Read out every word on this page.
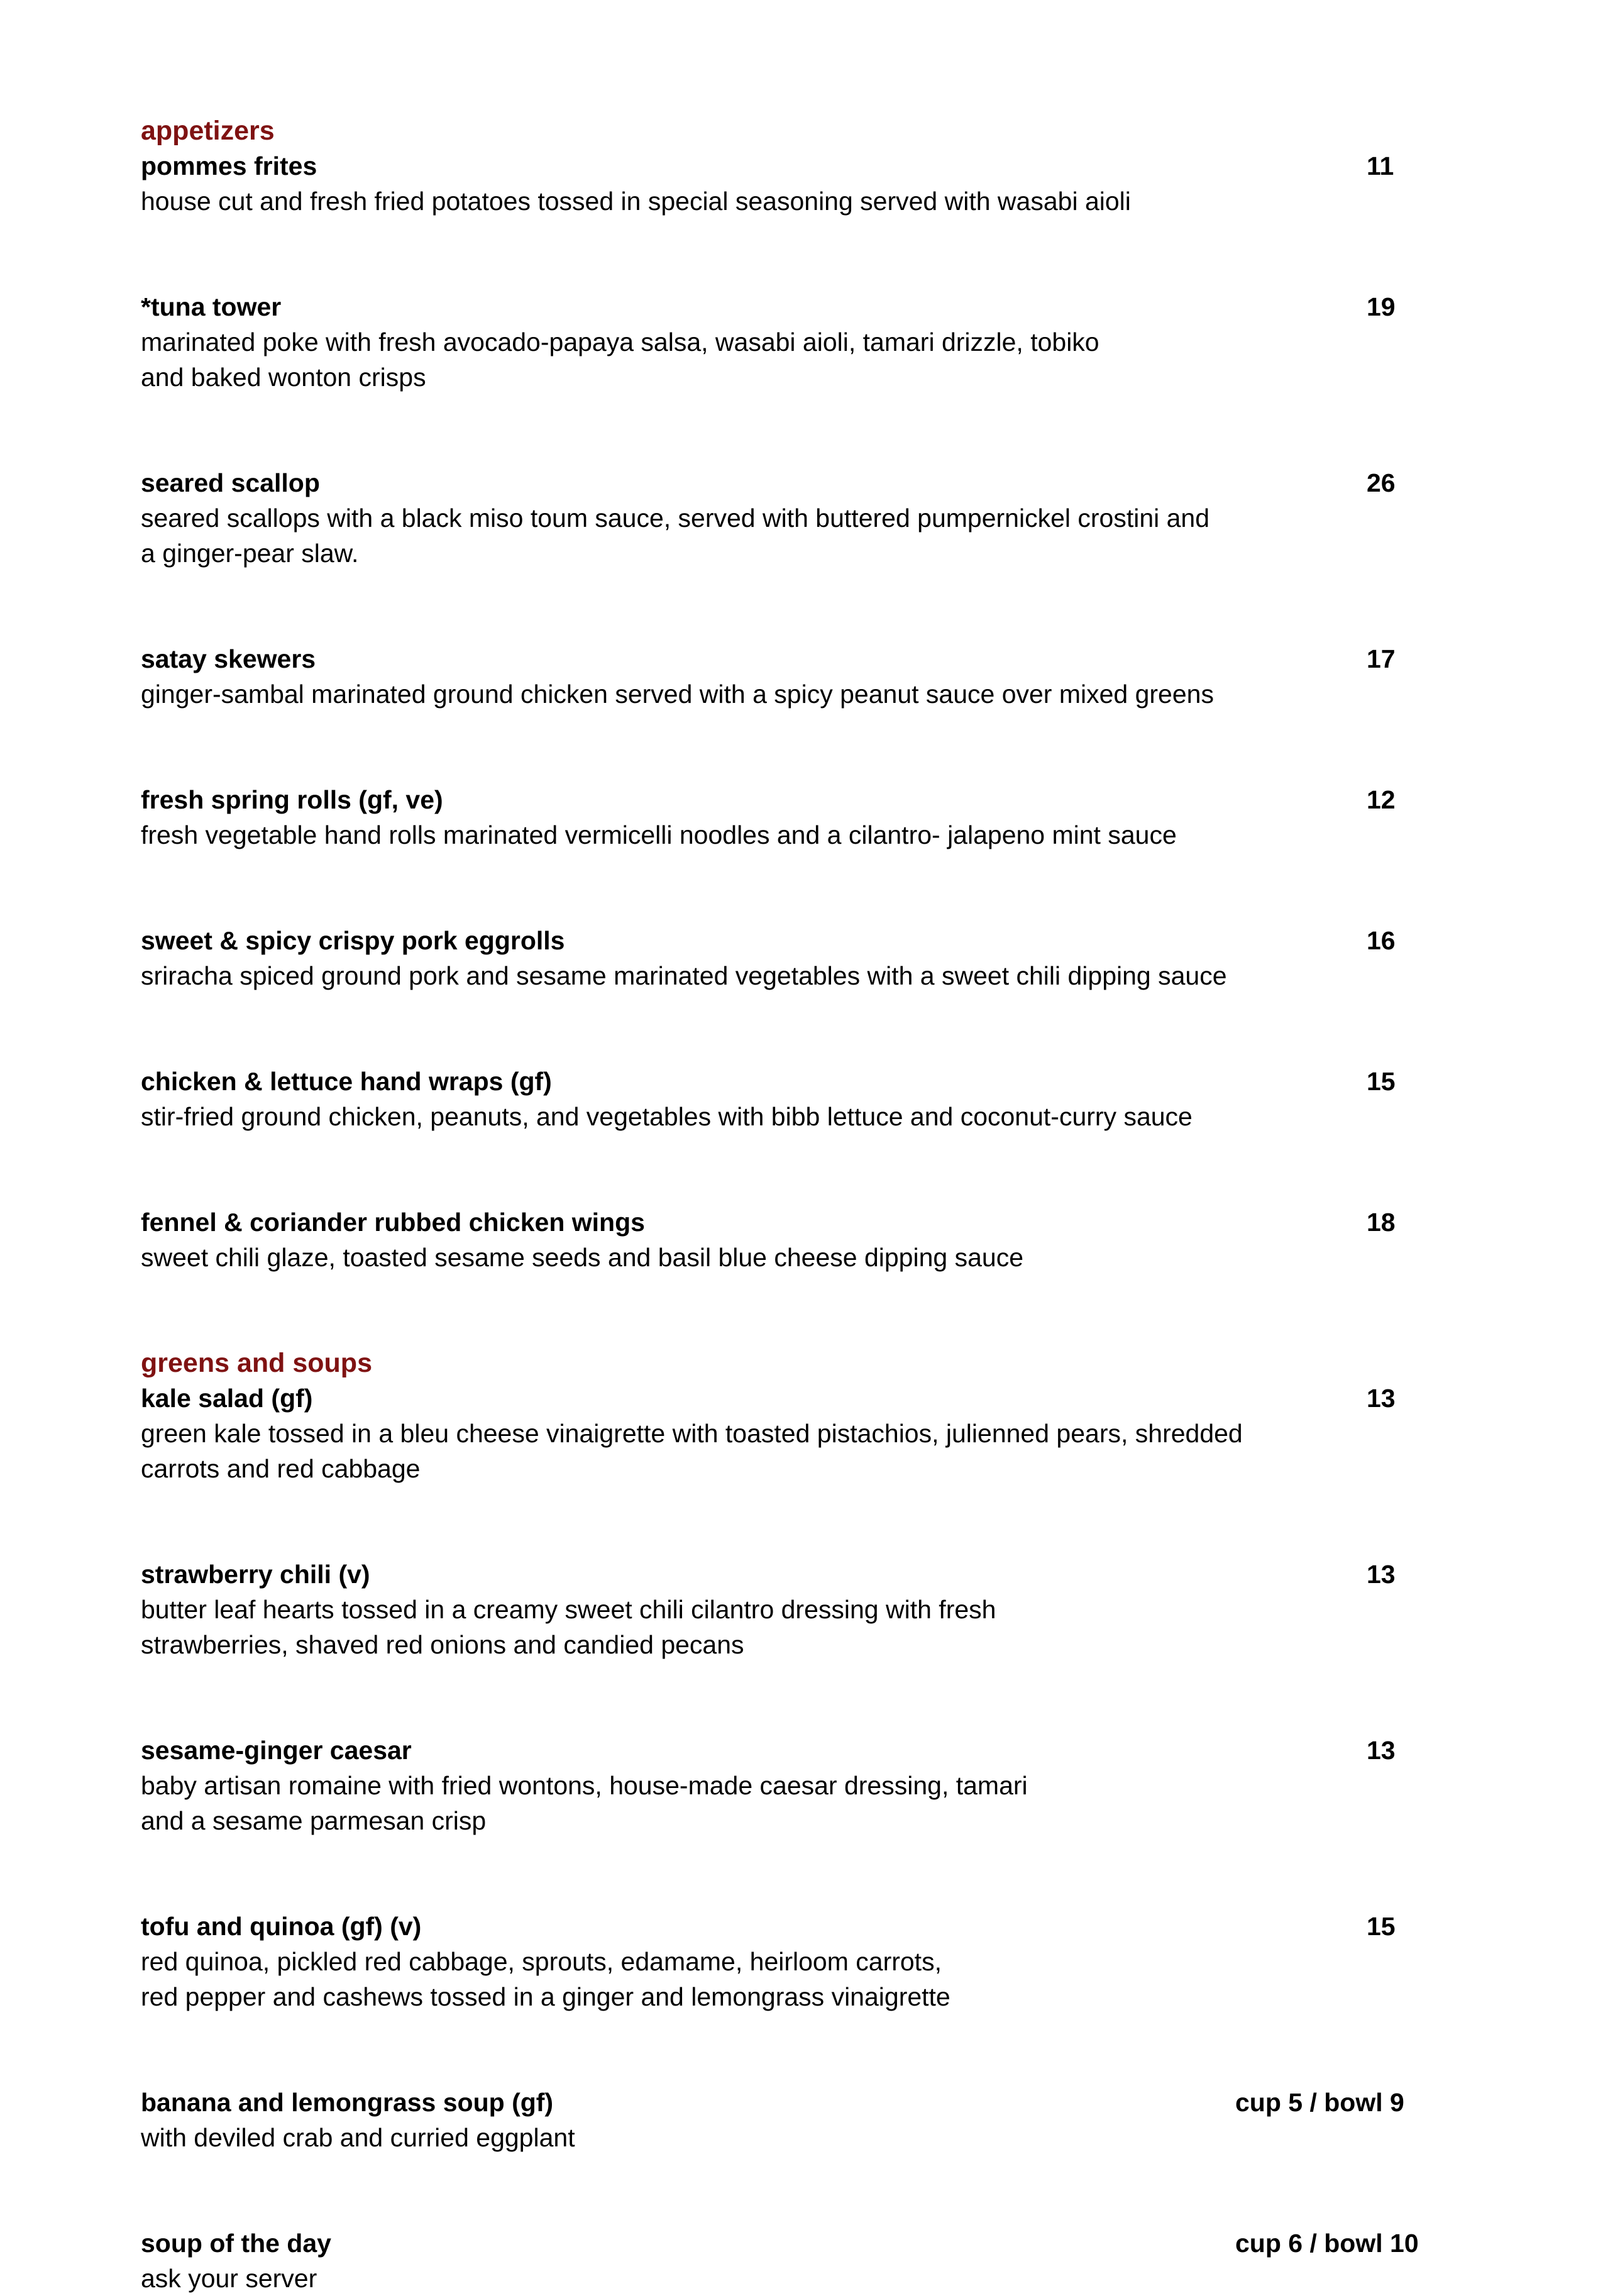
appetizers
pommes frites	11
house cut and fresh fried potatoes tossed in special seasoning served with wasabi aioli
*tuna tower	19
marinated poke with fresh avocado-papaya salsa, wasabi aioli, tamari drizzle, tobiko
and baked wonton crisps
seared scallop	26
seared scallops with a black miso toum sauce, served with buttered pumpernickel crostini and
a ginger-pear slaw.
satay skewers	17
ginger-sambal marinated ground chicken served with a spicy peanut sauce over mixed greens
fresh spring rolls (gf, ve)	12
fresh vegetable hand rolls marinated vermicelli noodles and a cilantro- jalapeno mint sauce
sweet & spicy crispy pork eggrolls	16
sriracha spiced ground pork and sesame marinated vegetables with a sweet chili dipping sauce
chicken & lettuce hand wraps (gf)	15
stir-fried ground chicken, peanuts, and vegetables with bibb lettuce and coconut-curry sauce
fennel & coriander rubbed chicken wings	18
sweet chili glaze, toasted sesame seeds and basil blue cheese dipping sauce
greens and soups
kale salad (gf)	13
green kale tossed in a bleu cheese vinaigrette with toasted pistachios, julienned pears, shredded
carrots and red cabbage
strawberry chili (v)	13
butter leaf hearts tossed in a creamy sweet chili cilantro dressing with fresh
strawberries, shaved red onions and candied pecans
sesame-ginger caesar	13
baby artisan romaine with fried wontons, house-made caesar dressing, tamari
and a sesame parmesan crisp
tofu and quinoa (gf) (v)	15
red quinoa, pickled red cabbage, sprouts, edamame, heirloom carrots,
red pepper and cashews tossed in a ginger and lemongrass vinaigrette
banana and lemongrass soup (gf)	cup 5 / bowl 9
with deviled crab and curried eggplant
soup of the day	cup 6 / bowl 10
ask your server
